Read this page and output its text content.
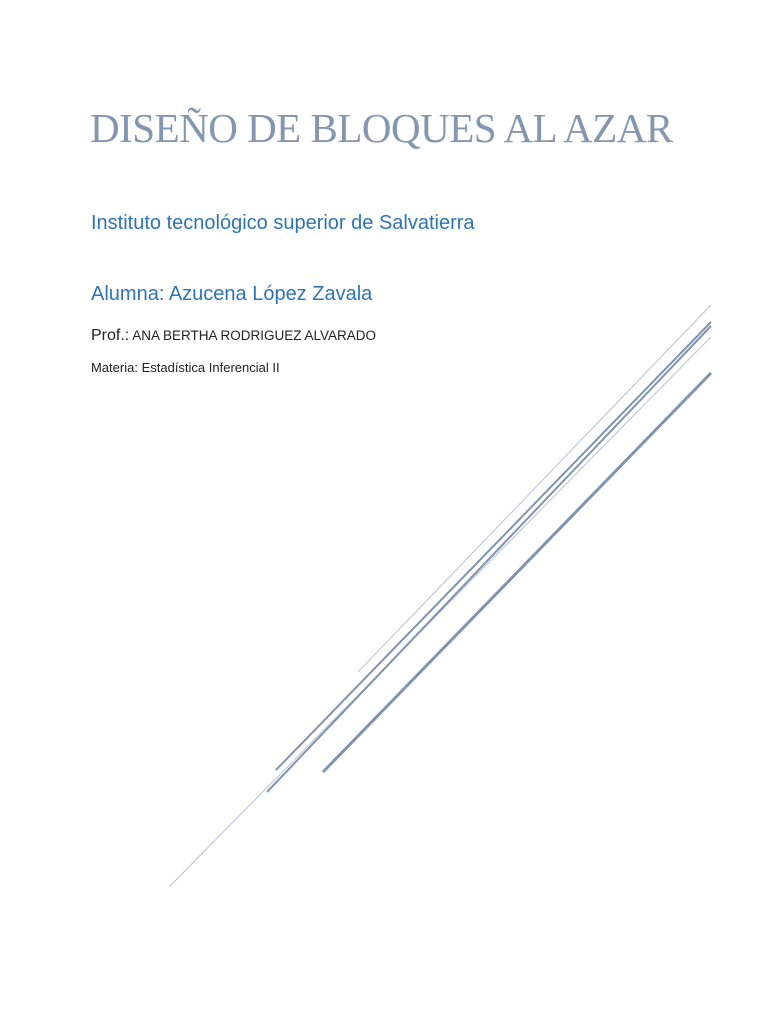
DISEÑO DE BLOQUES AL AZAR

Instituto tecnológico superior de Salvatierra

Alumna: Azucena López Zavala

Prof.: ANA BERTHA RODRIGUEZ ALVARADO

Materia: Estadística Inferencial II
